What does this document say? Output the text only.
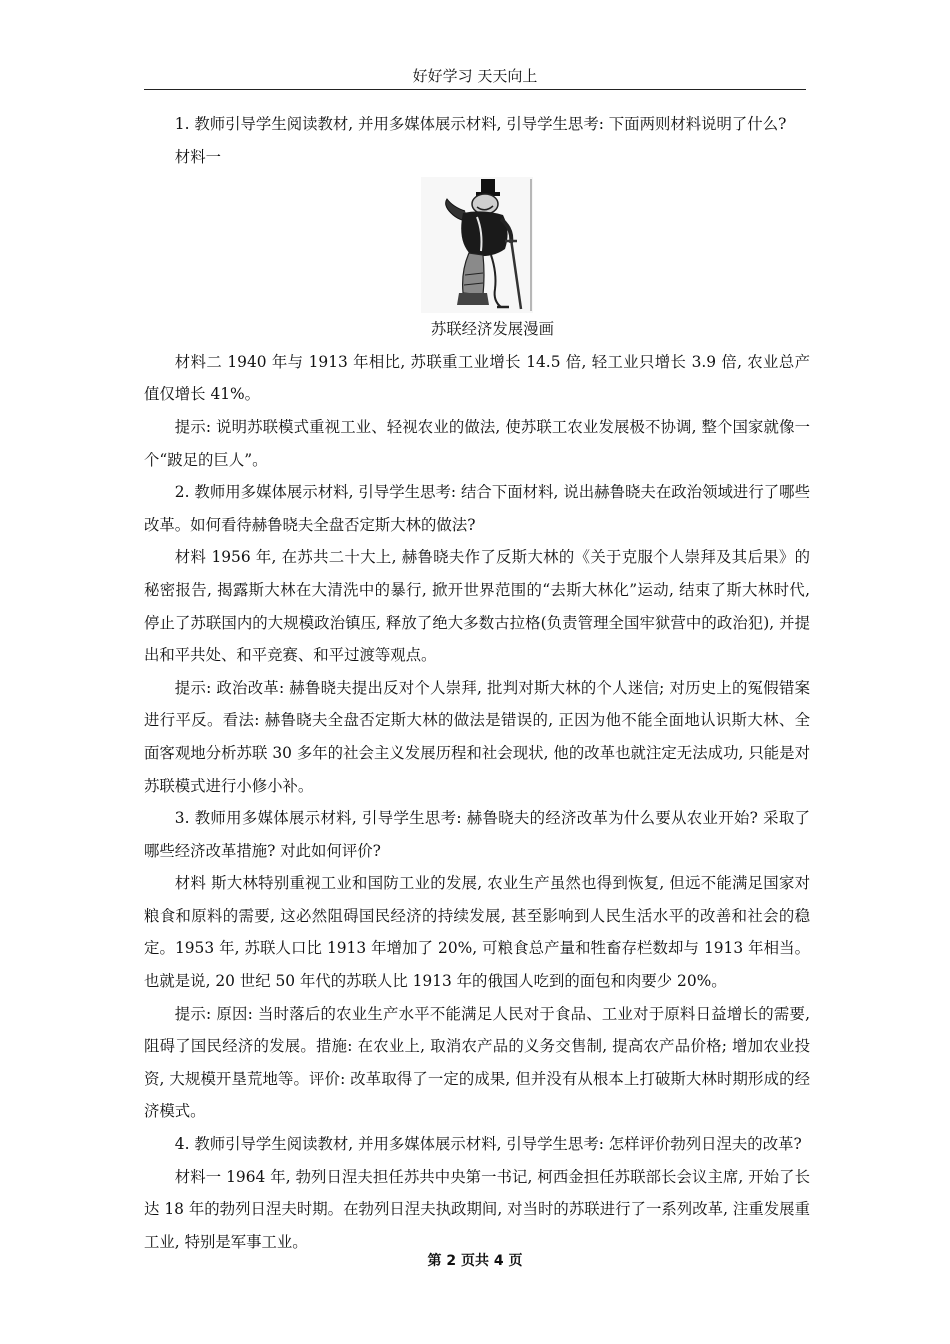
好好学习 天天向上

1. 教师引导学生阅读教材, 并用多媒体展示材料, 引导学生思考: 下面两则材料说明了什么?

材料一

苏联经济发展漫画

材料二 1940 年与 1913 年相比, 苏联重工业增长 14.5 倍, 轻工业只增长 3.9 倍, 农业总产值仅增长 41%。

提示: 说明苏联模式重视工业、轻视农业的做法, 使苏联工农业发展极不协调, 整个国家就像一个“跛足的巨人”。

2. 教师用多媒体展示材料, 引导学生思考: 结合下面材料, 说出赫鲁晓夫在政治领域进行了哪些改革。如何看待赫鲁晓夫全盘否定斯大林的做法?

材料 1956 年, 在苏共二十大上, 赫鲁晓夫作了反斯大林的《关于克服个人崇拜及其后果》的秘密报告, 揭露斯大林在大清洗中的暴行, 掀开世界范围的“去斯大林化”运动, 结束了斯大林时代, 停止了苏联国内的大规模政治镇压, 释放了绝大多数古拉格(负责管理全国牢狱营中的政治犯), 并提出和平共处、和平竞赛、和平过渡等观点。

提示: 政治改革: 赫鲁晓夫提出反对个人崇拜, 批判对斯大林的个人迷信; 对历史上的冤假错案进行平反。看法: 赫鲁晓夫全盘否定斯大林的做法是错误的, 正因为他不能全面地认识斯大林、全面客观地分析苏联 30 多年的社会主义发展历程和社会现状, 他的改革也就注定无法成功, 只能是对苏联模式进行小修小补。

3. 教师用多媒体展示材料, 引导学生思考: 赫鲁晓夫的经济改革为什么要从农业开始? 采取了哪些经济改革措施? 对此如何评价?

材料 斯大林特别重视工业和国防工业的发展, 农业生产虽然也得到恢复, 但远不能满足国家对粮食和原料的需要, 这必然阻碍国民经济的持续发展, 甚至影响到人民生活水平的改善和社会的稳定。1953 年, 苏联人口比 1913 年增加了 20%, 可粮食总产量和牲畜存栏数却与 1913 年相当。也就是说, 20 世纪 50 年代的苏联人比 1913 年的俄国人吃到的面包和肉要少 20%。

提示: 原因: 当时落后的农业生产水平不能满足人民对于食品、工业对于原料日益增长的需要, 阻碍了国民经济的发展。措施: 在农业上, 取消农产品的义务交售制, 提高农产品价格; 增加农业投资, 大规模开垦荒地等。评价: 改革取得了一定的成果, 但并没有从根本上打破斯大林时期形成的经济模式。

4. 教师引导学生阅读教材, 并用多媒体展示材料, 引导学生思考: 怎样评价勃列日涅夫的改革?

材料一 1964 年, 勃列日涅夫担任苏共中央第一书记, 柯西金担任苏联部长会议主席, 开始了长达 18 年的勃列日涅夫时期。在勃列日涅夫执政期间, 对当时的苏联进行了一系列改革, 注重发展重工业, 特别是军事工业。

第 2 页共 4 页
